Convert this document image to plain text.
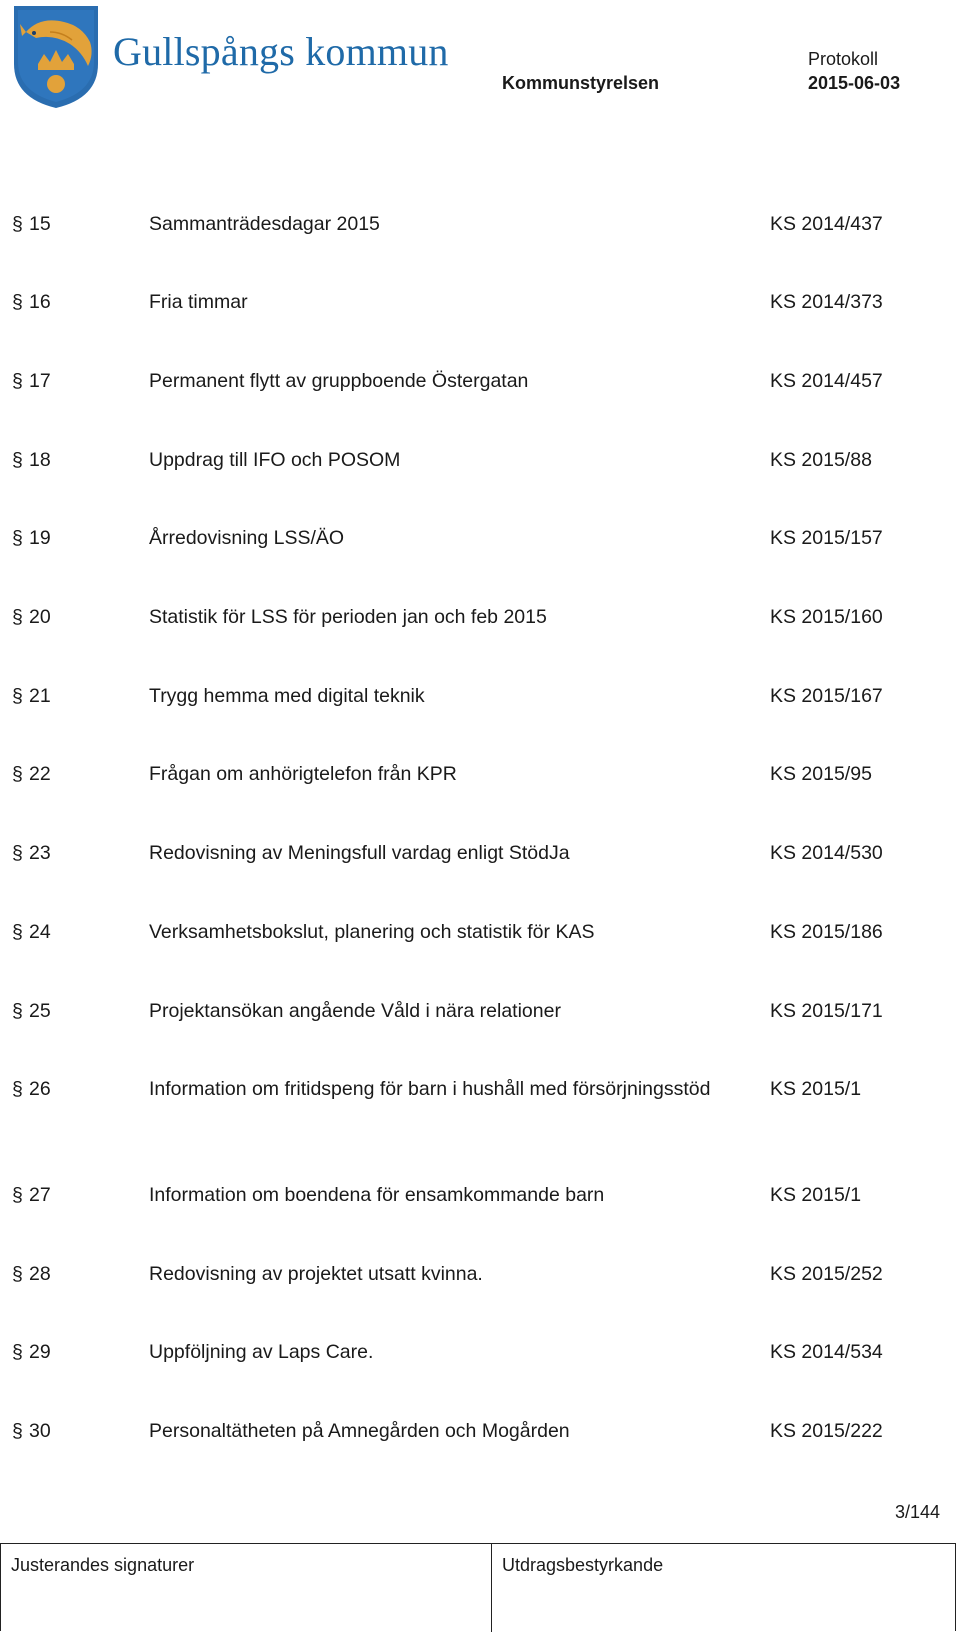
Gullspångs kommun
Kommunstyrelsen
Protokoll
2015-06-03
§ 15	Sammanträdesdagar 2015	KS 2014/437
§ 16	Fria timmar	KS 2014/373
§ 17	Permanent flytt av gruppboende Östergatan	KS 2014/457
§ 18	Uppdrag till IFO och POSOM	KS 2015/88
§ 19	Årredovisning LSS/ÄO	KS 2015/157
§ 20	Statistik för LSS för perioden jan och feb 2015	KS 2015/160
§ 21	Trygg hemma med digital teknik	KS 2015/167
§ 22	Frågan om anhörigtelefon från KPR	KS 2015/95
§ 23	Redovisning av Meningsfull vardag enligt StödJa	KS 2014/530
§ 24	Verksamhetsbokslut, planering och statistik för KAS	KS 2015/186
§ 25	Projektansökan angående Våld i nära relationer	KS 2015/171
§ 26	Information om fritidspeng för barn i hushåll med försörjningsstöd	KS 2015/1
§ 27	Information om boendena för ensamkommande barn	KS 2015/1
§ 28	Redovisning av projektet utsatt kvinna.	KS 2015/252
§ 29	Uppföljning av Laps Care.	KS 2014/534
§ 30	Personaltätheten på Amnegården och Mogården	KS 2015/222
3/144
Justerandes signaturer	Utdragsbestyrkande
